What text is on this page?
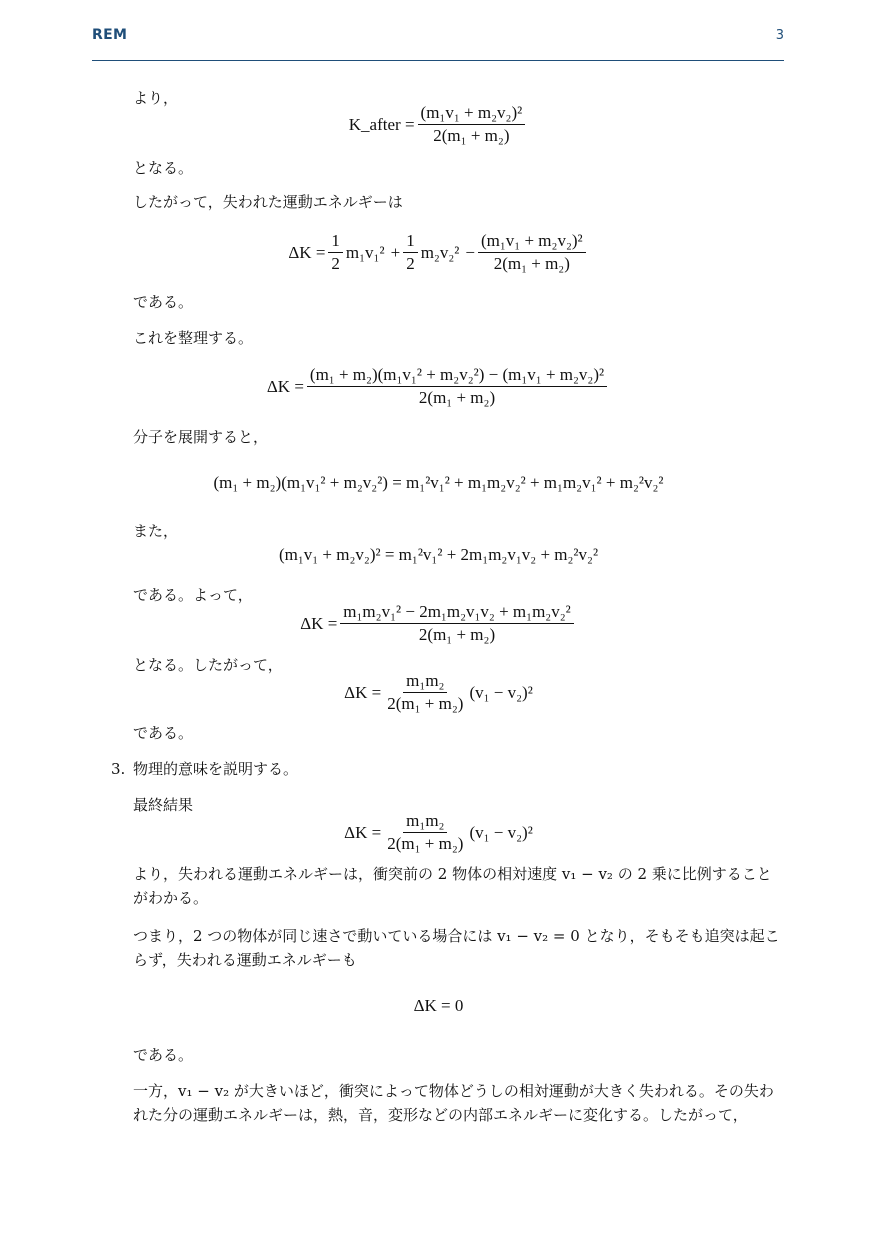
REM	3
より，
K_after = $\frac{\text{(m₁v₁ + m₂v₂)²}}{\text{2(m₁ + m₂)}}$
となる。
したがって，失われた運動エネルギーは
$\Delta K = \frac{1}{2} m_1v_1^2 + \frac{1}{2} m_2v_2^2 - \frac{\text{(m₁v₁ + m₂v₂)²}}{\text{2(m₁ + m₂)}}$
である。
これを整理する。
$\Delta K = \frac{\text{(m₁ + m₂)(m₁v₁² + m₂v₂²) − (m₁v₁ + m₂v₂)²}}{\text{2(m₁ + m₂)}}$
分子を展開すると，
(m₁ + m₂)(m₁v₁² + m₂v₂²) = m₁²v₁² + m₁m₂v₂² + m₁m₂v₁² + m₂²v₂²
また，
(m₁v₁ + m₂v₂)² = m₁²v₁² + 2m₁m₂v₁v₂ + m₂²v₂²
である。よって，
$\Delta K = \frac{\text{m₁m₂v₁² − 2m₁m₂v₁v₂ + m₁m₂v₂²}}{\text{2(m₁ + m₂)}}$
となる。したがって，
$\Delta K = \frac{\text{m₁m₂}}{\text{2(m₁ + m₂)}} (v_1 - v_2)^2$
である。
3. 物理的意味を説明する。
最終結果
$\Delta K = \frac{\text{m₁m₂}}{\text{2(m₁ + m₂)}} (v_1 - v_2)^2$
より，失われる運動エネルギーは，衝突前の 2 物体の相対速度 v₁ − v₂ の 2 乗に比例することがわかる。
つまり，2 つの物体が同じ速さで動いている場合には v₁ − v₂ = 0 となり，そもそも追突は起こらず，失われる運動エネルギーも
ΔK = 0
である。
一方，v₁ − v₂ が大きいほど，衝突によって物体どうしの相対運動が大きく失われる。その失われた分の運動エネルギーは，熱，音，変形などの内部エネルギーに変化する。したがって，
